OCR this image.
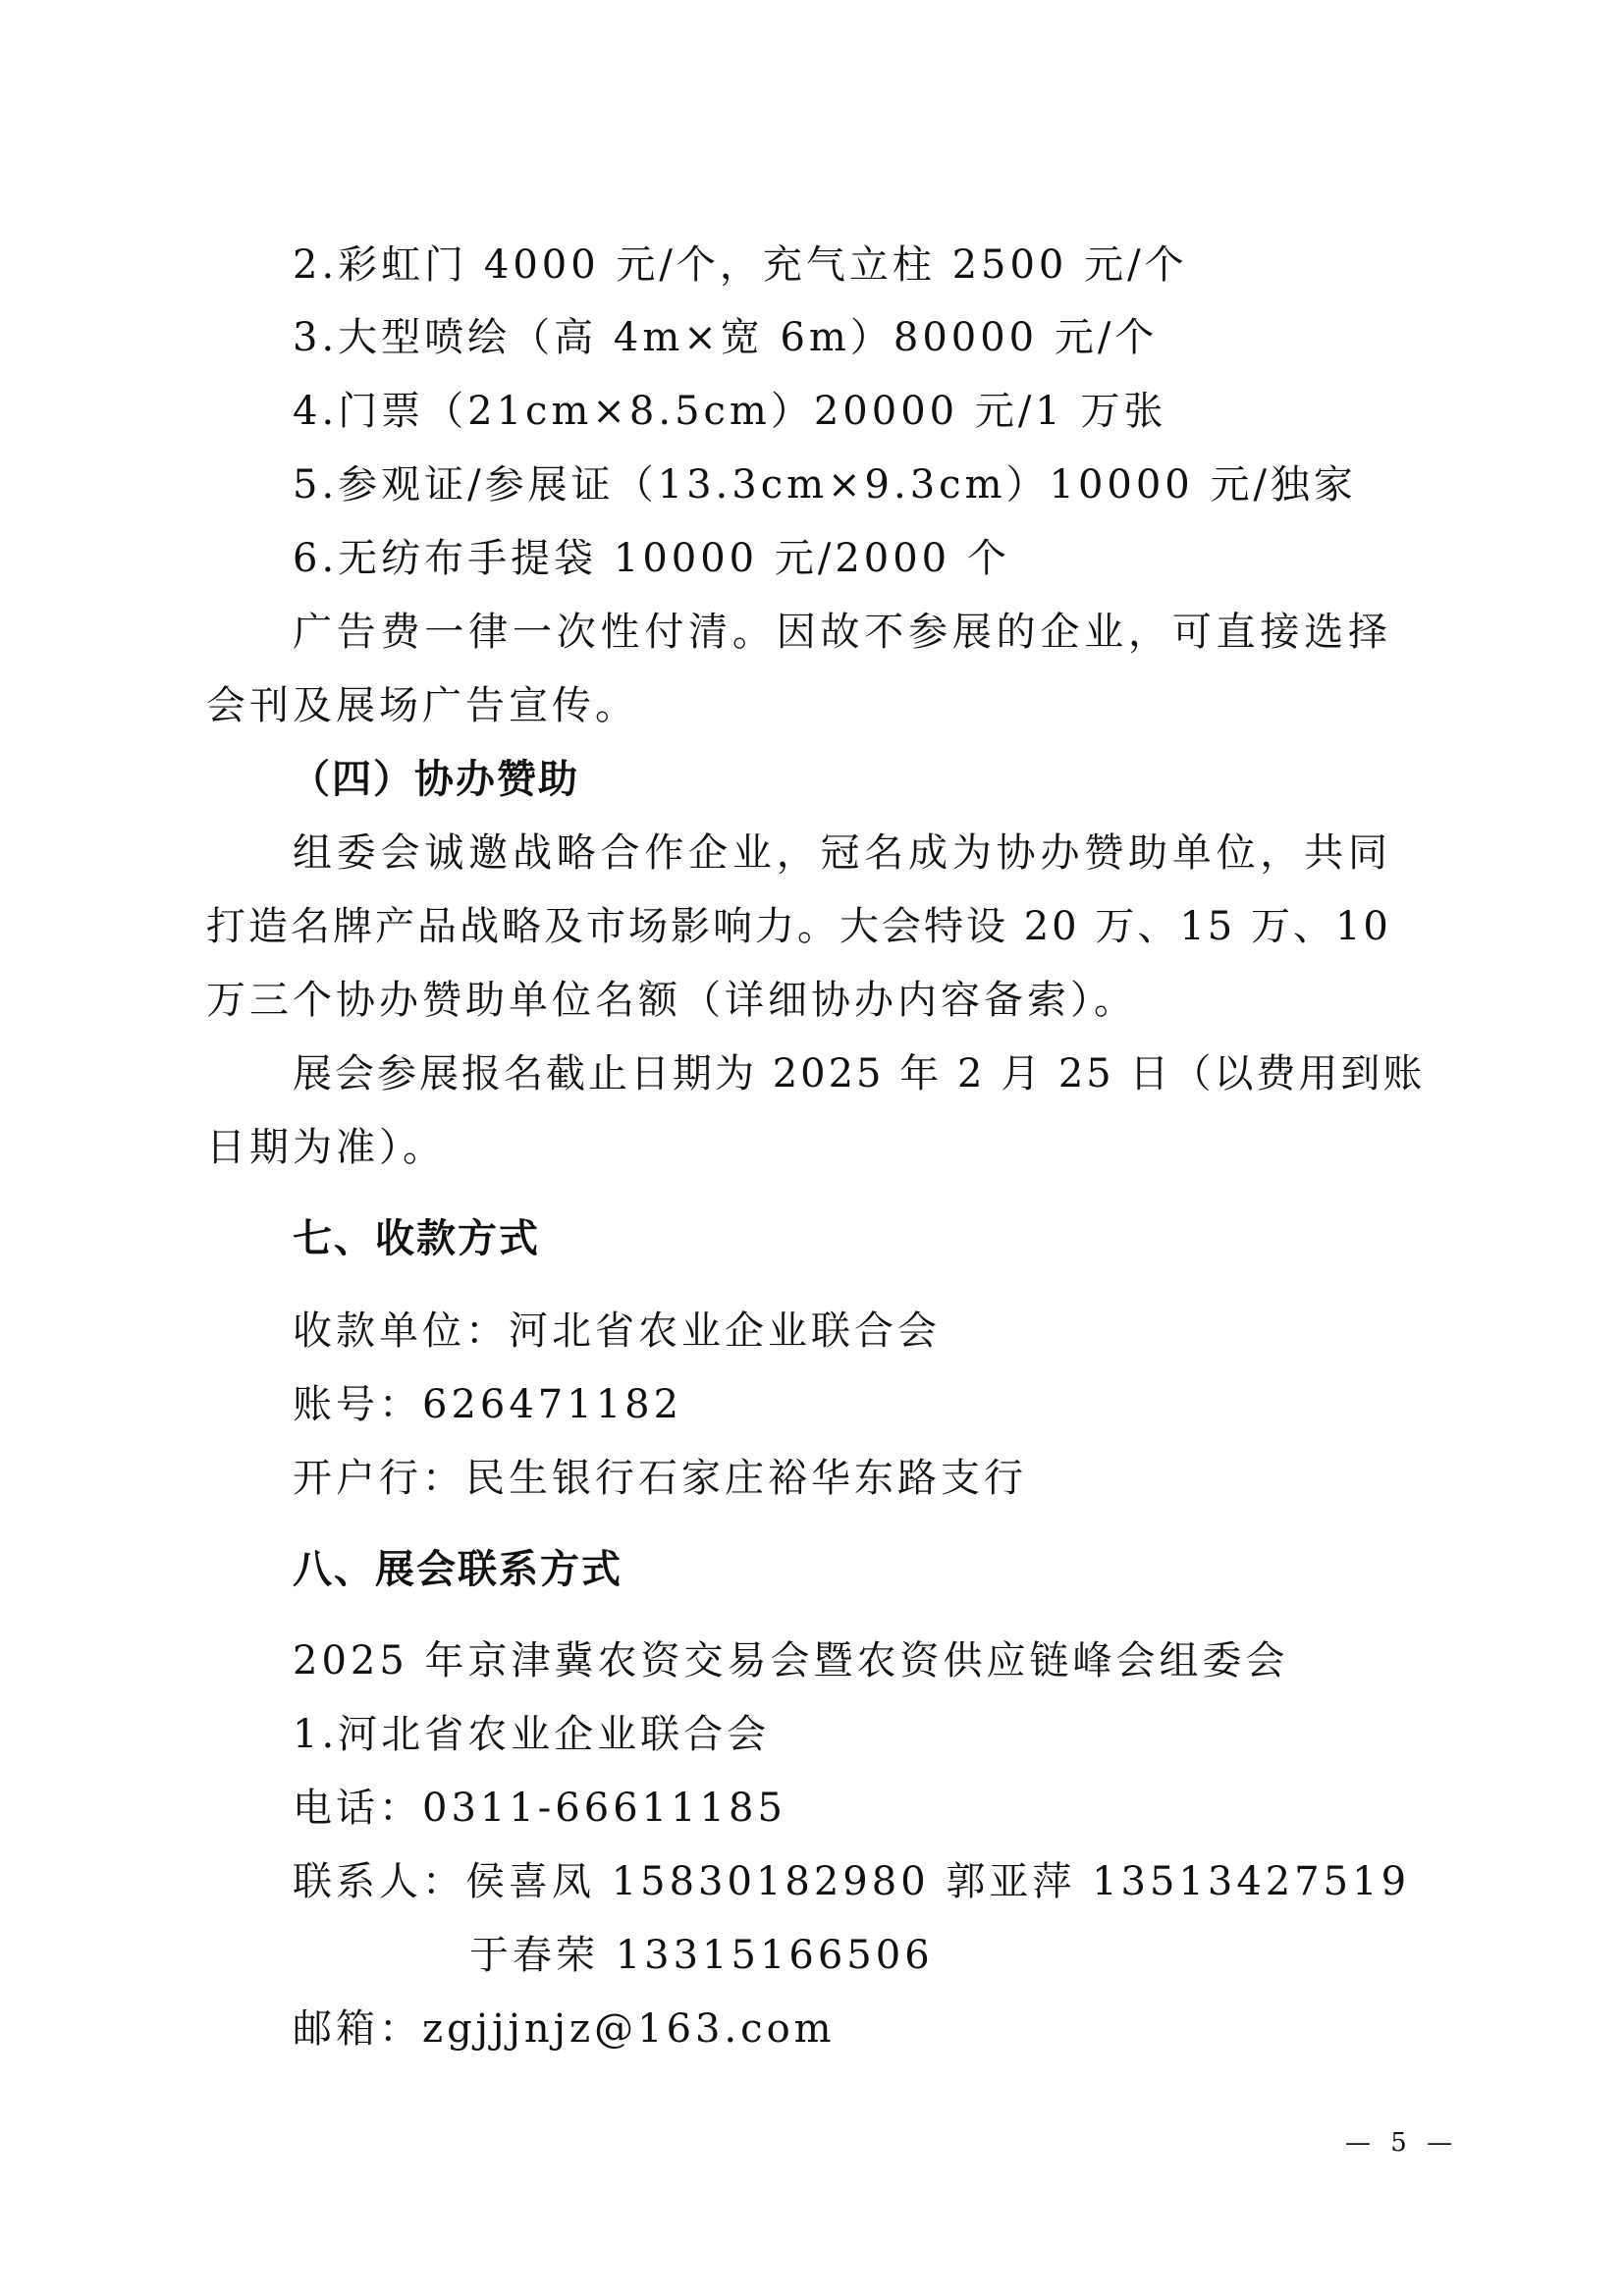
2.彩虹门 4000 元/个，充气立柱 2500 元/个
3.大型喷绘（高 4m×宽 6m）80000 元/个
4.门票（21cm×8.5cm）20000 元/1 万张
5.参观证/参展证（13.3cm×9.3cm）10000 元/独家
6.无纺布手提袋 10000 元/2000 个
广告费一律一次性付清。因故不参展的企业，可直接选择
会刊及展场广告宣传。
（四）协办赞助
组委会诚邀战略合作企业，冠名成为协办赞助单位，共同
打造名牌产品战略及市场影响力。大会特设 20 万、15 万、10
万三个协办赞助单位名额（详细协办内容备索）。
展会参展报名截止日期为 2025 年 2 月 25 日（以费用到账
日期为准）。
七、收款方式
收款单位：河北省农业企业联合会
账号：626471182
开户行：民生银行石家庄裕华东路支行
八、展会联系方式
2025 年京津冀农资交易会暨农资供应链峰会组委会
1.河北省农业企业联合会
电话：0311-66611185
联系人：侯喜凤 15830182980 郭亚萍 13513427519
于春荣 13315166506
邮箱：zgjjjnjz@163.com
— 5 —
